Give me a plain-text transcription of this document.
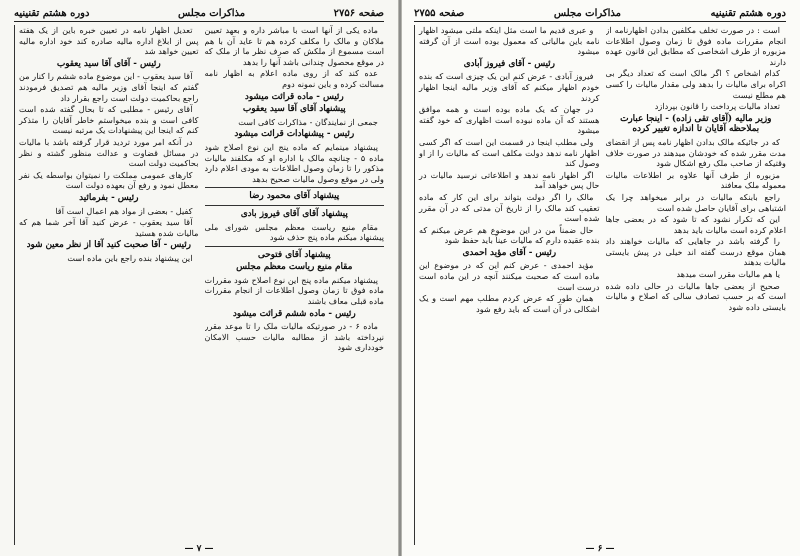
صفحه ۲۷۵۶
مذاکرات مجلس
دوره هشتم تقنینیه

ماده یکی از آنها است با مباشر داره و بعهد تعیین ملاکان و مالک را مکلف کرده هم تا عاید آن با هم است مسموع از ملکش که صرف نظر ما از ملک که در موقع محصول چندانی باشد آنها را بدهد

عده کند که از روی ماده اعلام به اظهار نامه مسالت کرده و باین نمونه دوم

رئیس - ماده قرائت میشود
پیشنهاد آقای آقا سید یعقوب

جمعی از نمایندگان - مذاکرات کافی است

رئیس - پیشنهادات قرائت میشود

پیشنهاد مینمایم که ماده ینج این نوع اصلاح شود ماده ۵ - چنانچه مالک با اداره او که مکلفند مالیات مذکور را تا زمان وصول اطلاعات به مودی اعلام دارد ولی در موقع وصول مالیات صحیح بدهد

پیشنهاد آقای محمود رضا
پیشنهاد آقای آقای فیروز بادی

مقام منیع ریاست معظم مجلس شورای ملی پیشنهاد میکنم ماده پنج حذف شود

پیشنهاد آقای فتوحی
مقام منیع ریاست معظم مجلس

پیشنهاد میکنم ماده پنج این نوع اصلاح شود مقررات ماده فوق تا زمان وصول اطلاعات از انجام مقررات ماده قبلی معاف باشند

رئیس - ماده ششم قرائت میشود

ماده ۶ - در صورتیکه مالیات ملک را تا موعد مقرر نپرداخته باشد از مطالبه مالیات حسب الامکان خودداری شود

تعدیل اظهار نامه در تعیین خبره باین از یک هفته پس از ابلاغ اداره مالیه صادره کند خود اداره مالیه تعیین خواهد شد

رئیس - آقای آقا سید یعقوب

آقا سید یعقوب - این موضوع ماده ششم را کنار من گفتم که اینجا آقای وزیر مالیه هم تصدیق فرمودند راجع بحاکمیت دولت است راجع بقرار داد

آقای رئیس - مطلبی که تا بحال گفته شده است کافی است و بنده میخواستم خاطر آقایان را متذکر کنم که اینجا این پیشنهادات یک مرتبه نیست

در آنکه امر مورد تردید قرار گرفته باشد با مالیات در مسائل قضاوت و عدالت منظور گشته و نظر بحاکمیت دولت است

کارهای عمومی مملکت را نمیتوان بواسطه یک نفر معطل نمود و رفع آن بعهده دولت است

رئیس - بفرمائید

کفیل - بعضی از مواد هم اعمال است آقا

آقا سید یعقوب - عرض کنید آقا آخر شما هم که مالیات شده هستید

رئیس - آقا صحبت کنید آقا از نظر معین شود

این پیشنهاد بنده راجع باین ماده است

— ۷ —
دوره هشتم تقنینیه
مذاکرات مجلس
صفحه ۲۷۵۵

است : در صورت تخلف مکلفین بدادن اظهارنامه از انجام مقررات ماده فوق تا زمان وصول اطلاعات مزبوره از طرف اشخاصی که مطابق این قانون عهده دارند

کدام اشخاص ؟ اگر مالک است که تعداد دیگر بی اکراه برای مالیات را بدهد ولی مقدار مالیات را کسی هم مطلع نیست

تعداد مالیات پرداخت را قانون بپردازد

وزیر مالیه (آقای تقی زاده) - اینجا عبارت بملاحظه آقایان تا اندازه تغییر کرده

که در جائیکه مالک بدادن اظهار نامه پس از انقضای مدت مقرر شده که خودشان میدهند در صورت خلاف وقتیکه از صاحب ملک رفع اشکال شود

مزبوره از طرف آنها علاوه بر اطلاعات مالیات معموله ملک معافند

راجع بابنکه مالیات در برابر میخواهد چرا یک اشتباهی برای آقایان حاصل شده است

این که تکرار نشود که تا شود که در بعضی جاها اعلام کرده است مالیات باید بدهد

را گرفته باشد در جاهایی که مالیات خواهند داد همان موقع درست گفته اند خیلی در پیش بایستی مالیات بدهند

یا هم مالیات مقرر است میدهد

صحیح از بعضی جاها مالیات در حالی داده شده است که بر حسب تصادف سالی که اصلاح و مالیات بایستی داده شود

و عبری قدیم ما است مثل اینکه ملتی میشود اظهار نامه باین مالیاتی که معمول بوده است از آن گرفته میشود

رئیس - آقای فیروز آبادی

فیروز آبادی - عرض کنم این یک چیزی است که بنده خودم اظهار میکنم که آقای وزیر مالیه اینجا اظهار کردند

در جهان که یک ماده بوده است و همه موافق هستند که آن ماده نبوده است اظهاری که خود گفته میشود

ولی مطلب اینجا در قسمت این است که اگر کسی اظهار نامه ندهد دولت مکلف است که مالیات را از او وصول کند

اگر اظهار نامه ندهد و اطلاعاتی نرسید مالیات در حال پس خواهد آمد

مالک را اگر دولت بتواند برای این کار که ماده تعقیب کند مالک را از تاریخ آن مدتی که در آن مقرر شده است

حال ضمناً من در این موضوع هم عرض میکنم که بنده عقیده دارم که مالیات عیناً باید حفظ شود

رئیس - آقای مؤید احمدی

مؤید احمدی - عرض کنم این که در موضوع این ماده است که صحبت میکنند آنچه در این ماده است درست است

همان طور که عرض کردم مطلب مهم است و یک اشکالی در آن است که باید رفع شود

— ۶ —
